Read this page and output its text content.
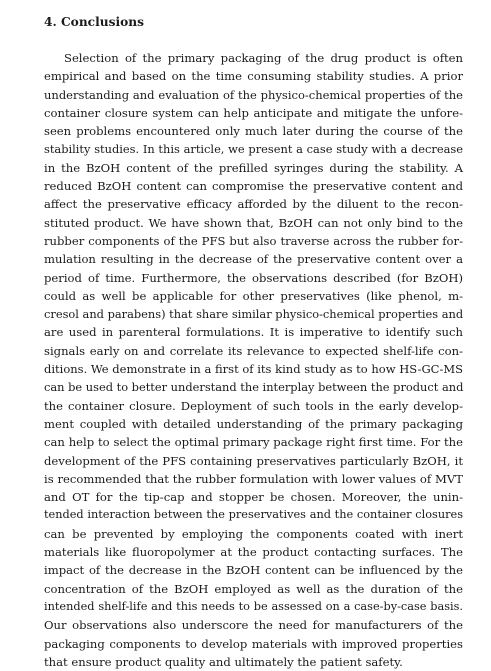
4. Conclusions
Selection of the primary packaging of the drug product is often
empirical and based on the time consuming stability studies. A prior
understanding and evaluation of the physico-chemical properties of the
container closure system can help anticipate and mitigate the unfore-
seen problems encountered only much later during the course of the
stability studies. In this article, we present a case study with a decrease
in the BzOH content of the prefilled syringes during the stability. A
reduced BzOH content can compromise the preservative content and
affect the preservative efficacy afforded by the diluent to the recon-
stituted product. We have shown that, BzOH can not only bind to the
rubber components of the PFS but also traverse across the rubber for-
mulation resulting in the decrease of the preservative content over a
period of time. Furthermore, the observations described (for BzOH)
could as well be applicable for other preservatives (like phenol, m-
cresol and parabens) that share similar physico-chemical properties and
are used in parenteral formulations. It is imperative to identify such
signals early on and correlate its relevance to expected shelf-life con-
ditions. We demonstrate in a first of its kind study as to how HS-GC-MS
can be used to better understand the interplay between the product and
the container closure. Deployment of such tools in the early develop-
ment coupled with detailed understanding of the primary packaging
can help to select the optimal primary package right first time. For the
development of the PFS containing preservatives particularly BzOH, it
is recommended that the rubber formulation with lower values of MVT
and OT for the tip-cap and stopper be chosen. Moreover, the unin-
tended interaction between the preservatives and the container closures
can be prevented by employing the components coated with inert
materials like fluoropolymer at the product contacting surfaces. The
impact of the decrease in the BzOH content can be influenced by the
concentration of the BzOH employed as well as the duration of the
intended shelf-life and this needs to be assessed on a case-by-case basis.
Our observations also underscore the need for manufacturers of the
packaging components to develop materials with improved properties
that ensure product quality and ultimately the patient safety.
